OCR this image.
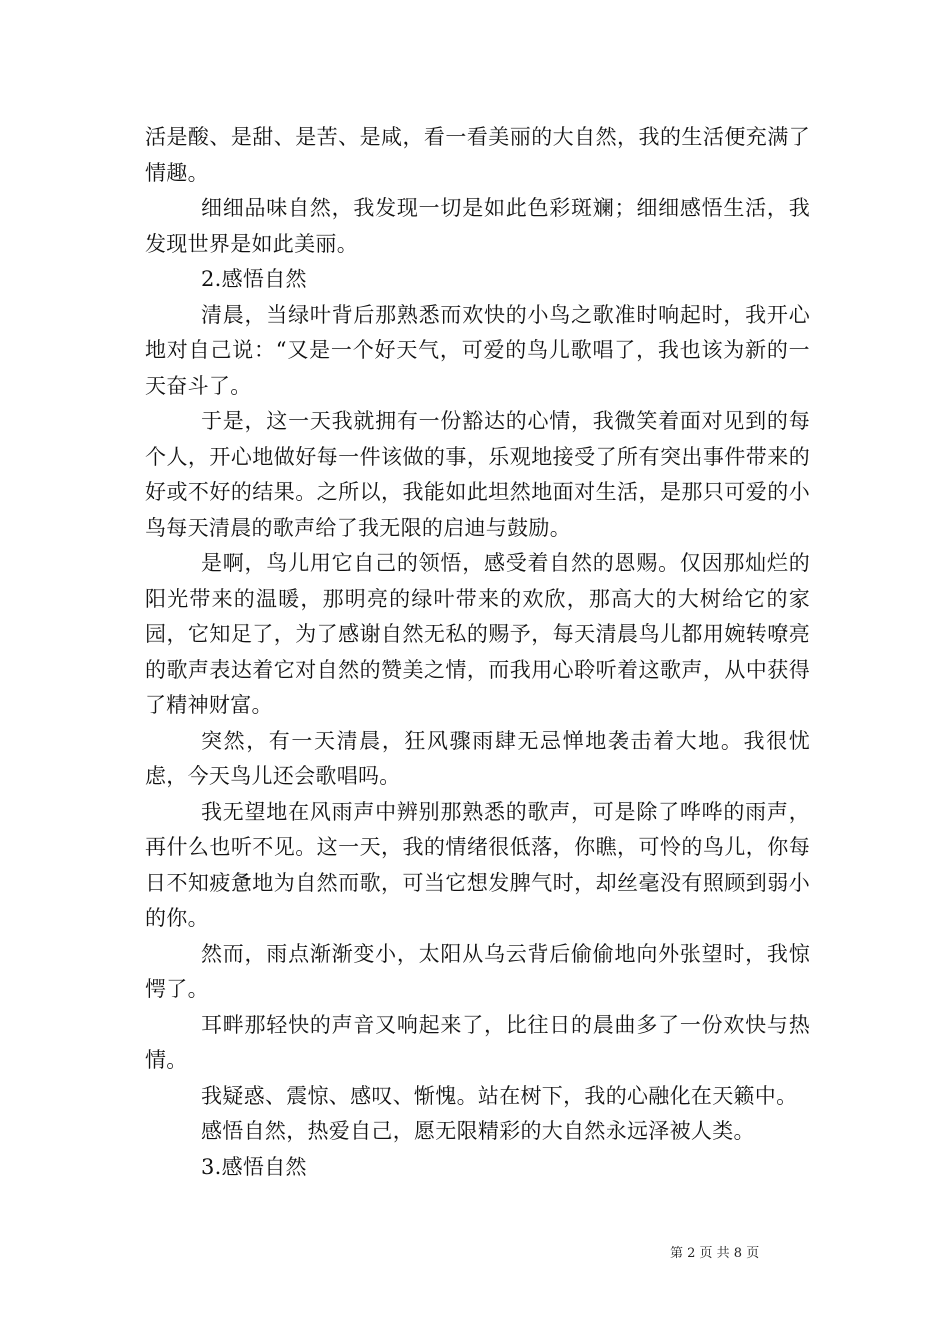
活是酸、是甜、是苦、是咸，看一看美丽的大自然，我的生活便充满了情趣。

细细品味自然，我发现一切是如此色彩斑斓；细细感悟生活，我发现世界是如此美丽。

2.感悟自然

清晨，当绿叶背后那熟悉而欢快的小鸟之歌准时响起时，我开心地对自己说：“又是一个好天气，可爱的鸟儿歌唱了，我也该为新的一天奋斗了。

于是，这一天我就拥有一份豁达的心情，我微笑着面对见到的每个人，开心地做好每一件该做的事，乐观地接受了所有突出事件带来的好或不好的结果。之所以，我能如此坦然地面对生活，是那只可爱的小鸟每天清晨的歌声给了我无限的启迪与鼓励。

是啊，鸟儿用它自己的领悟，感受着自然的恩赐。仅因那灿烂的阳光带来的温暖，那明亮的绿叶带来的欢欣，那高大的大树给它的家园，它知足了，为了感谢自然无私的赐予，每天清晨鸟儿都用婉转嘹亮的歌声表达着它对自然的赞美之情，而我用心聆听着这歌声，从中获得了精神财富。

突然，有一天清晨，狂风骤雨肆无忌惮地袭击着大地。我很忧虑，今天鸟儿还会歌唱吗。

我无望地在风雨声中辨别那熟悉的歌声，可是除了哗哗的雨声，再什么也听不见。这一天，我的情绪很低落，你瞧，可怜的鸟儿，你每日不知疲惫地为自然而歌，可当它想发脾气时，却丝毫没有照顾到弱小的你。

然而，雨点渐渐变小，太阳从乌云背后偷偷地向外张望时，我惊愕了。

耳畔那轻快的声音又响起来了，比往日的晨曲多了一份欢快与热情。

我疑惑、震惊、感叹、惭愧。站在树下，我的心融化在天籁中。

感悟自然，热爱自己，愿无限精彩的大自然永远泽被人类。

3.感悟自然

第 2 页 共 8 页
